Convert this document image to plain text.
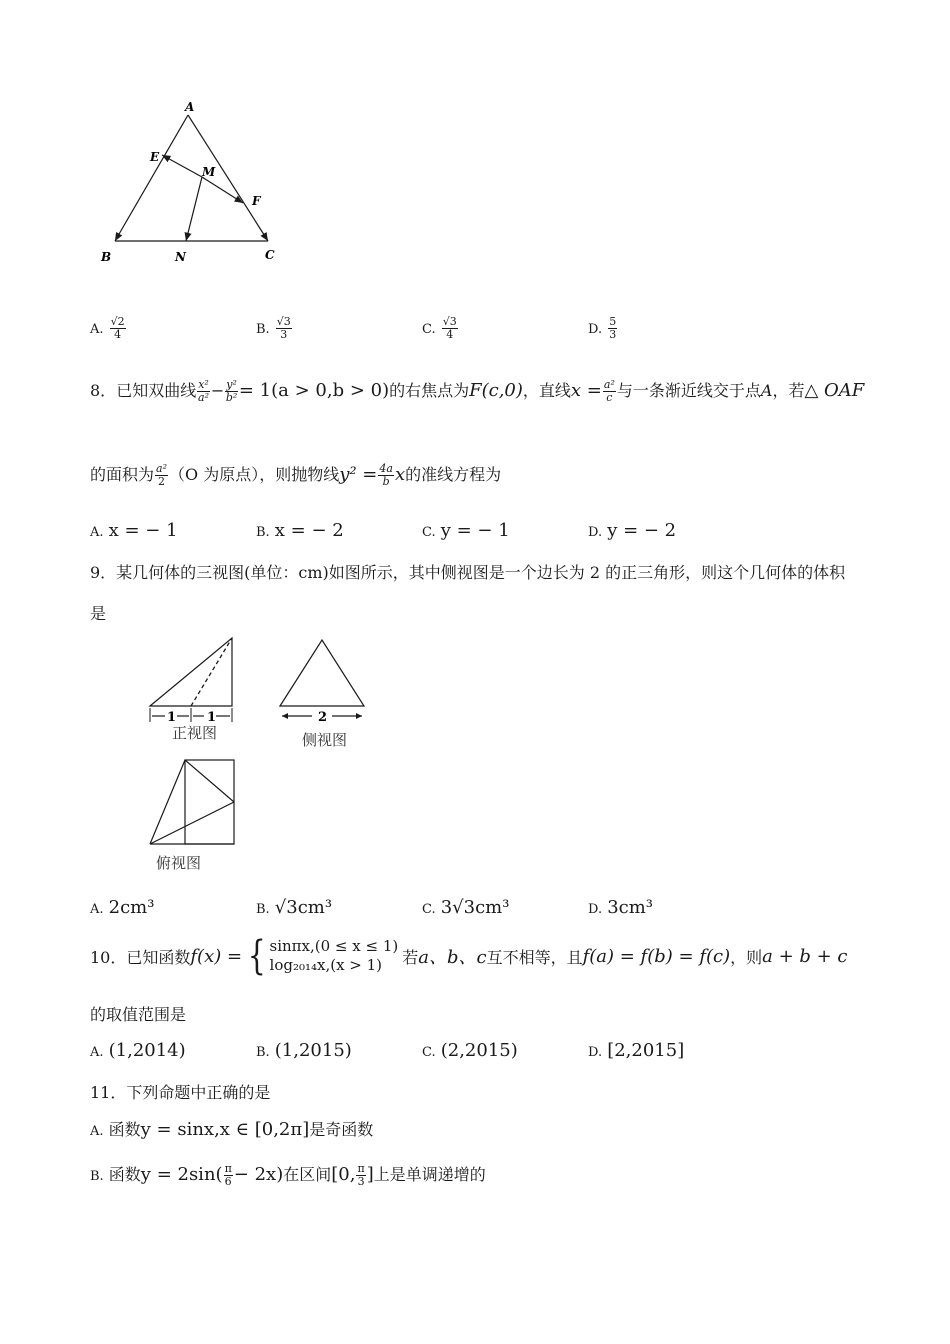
A
E
M
F
B	N	C
A. $\frac{√2}{4}$	B. $\frac{√3}{3}$	C. $\frac{√3}{4}$	D. $\frac{5}{3}$
8．已知双曲线 $\frac{\text{x²}}{\text{a²}} - \frac{\text{y²}}{\text{b²}} = 1(a > 0,b > 0)$的右焦点为F(c,0)，直线$x = \frac{\text{a²}}{c}$ 与一条渐近线交于点A，若△ OAF
的面积为 $\frac{\text{a²}}{2} (O$ 为原点），则抛物线$y^2 = \frac{4a}{b}$ x的准线方程为
A. x = − 1	B. x = − 2	C. y = − 1	D. y = − 2
9．某几何体的三视图(单位：cm)如图所示，其中侧视图是一个边长为 2 的正三角形，则这个几何体的体积
是
1 1
正视图
2
侧视图
俯视图
A. 2cm³	B. √3cm³	C. 3√3cm³	D. 3cm³
10． 已知函数 f(x) = { sinπx,(0 ≤ x ≤ 1)
log₂₀₁₄x,(x > 1)	若 a、b、c 互不相等，且 f(a) = f(b) = f(c) ，则 a + b + c
的取值范围是
A. (1,2014)	B. (1,2015)	C. (2,2015)	D. [2,2015]
11．下列命题中正确的是
A. 函数y = sinx,x ∈ [0,2π]是奇函数
B. 函数$y = 2\sin( \frac{\pi}{6} - 2x)$在区间[0, $\frac{\pi}{3}$ ]上是单调递增的
